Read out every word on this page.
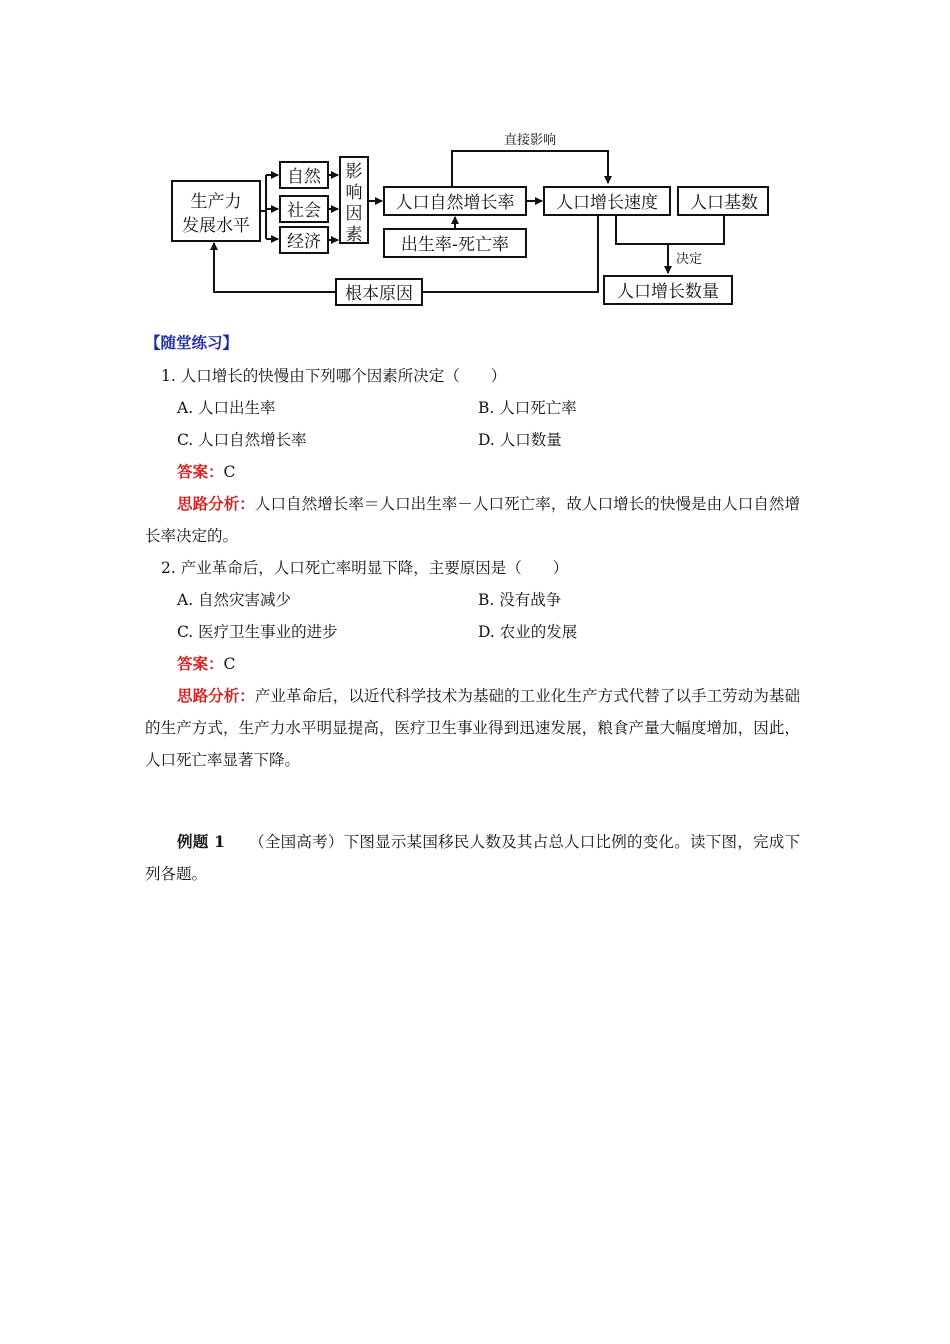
生产力
发展水平
自然
社会
经济
影
响
因
素
人口自然增长率
出生率-死亡率
直接影响
人口增长速度 人口基数
决定
人口增长数量
根本原因
【随堂练习】
1. 人口增长的快慢由下列哪个因素所决定（　　）
A. 人口出生率	B. 人口死亡率
C. 人口自然增长率	D. 人口数量
答案：C
思路分析：人口自然增长率＝人口出生率－人口死亡率，故人口增长的快慢是由人口自然增长率决定的。
2. 产业革命后，人口死亡率明显下降，主要原因是（　　）
A. 自然灾害减少	B. 没有战争
C. 医疗卫生事业的进步	D. 农业的发展
答案：C
思路分析：产业革命后，以近代科学技术为基础的工业化生产方式代替了以手工劳动为基础的生产方式，生产力水平明显提高，医疗卫生事业得到迅速发展，粮食产量大幅度增加，因此，人口死亡率显著下降。
例题 1 （全国高考）下图显示某国移民人数及其占总人口比例的变化。读下图，完成下列各题。
